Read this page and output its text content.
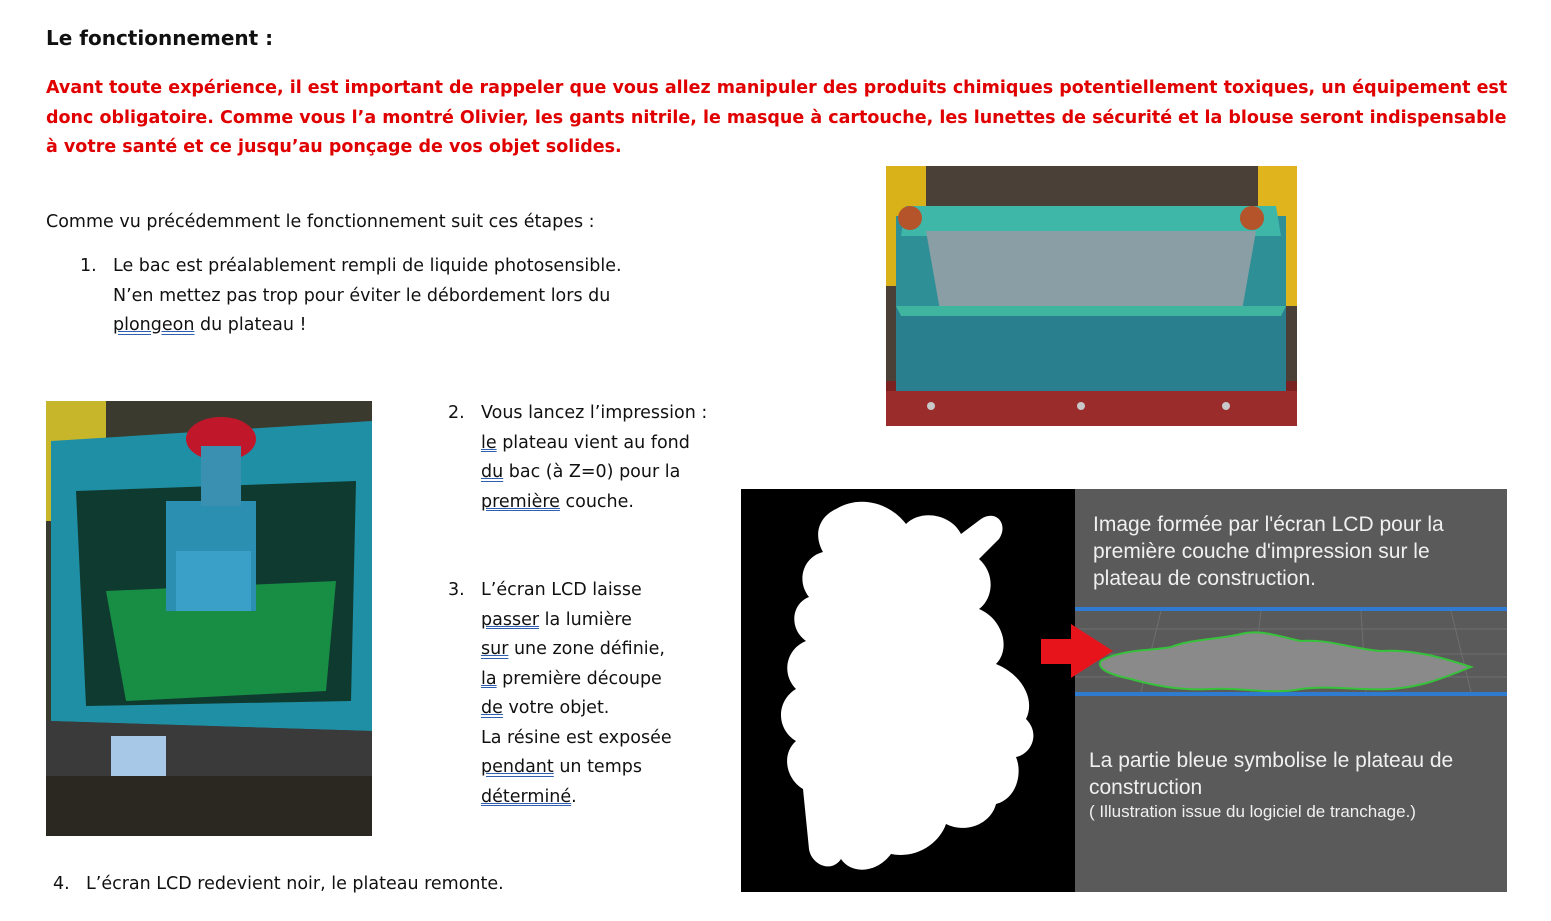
Le fonctionnement :
Avant toute expérience, il est important de rappeler que vous allez manipuler des produits chimiques potentiellement toxiques, un équipement est donc obligatoire. Comme vous l’a montré Olivier, les gants nitrile, le masque à cartouche, les lunettes de sécurité et la blouse seront indispensable à votre santé et ce jusqu’au ponçage de vos objet solides.
Comme vu précédemment le fonctionnement suit ces étapes :
1. Le bac est préalablement rempli de liquide photosensible.
N’en mettez pas trop pour éviter le débordement lors du
plongeon du plateau !
2. Vous lancez l’impression :
le plateau vient au fond
du bac (à Z=0) pour la
première couche.
3. L’écran LCD laisse
passer la lumière
sur une zone définie,
la première découpe
de votre objet.
La résine est exposée
pendant un temps
déterminé.
4. L’écran LCD redevient noir, le plateau remonte.
Image formée par l'écran LCD pour la première couche d'impression sur le plateau de construction.
La partie bleue symbolise le plateau de construction
( Illustration issue du logiciel de tranchage.)
